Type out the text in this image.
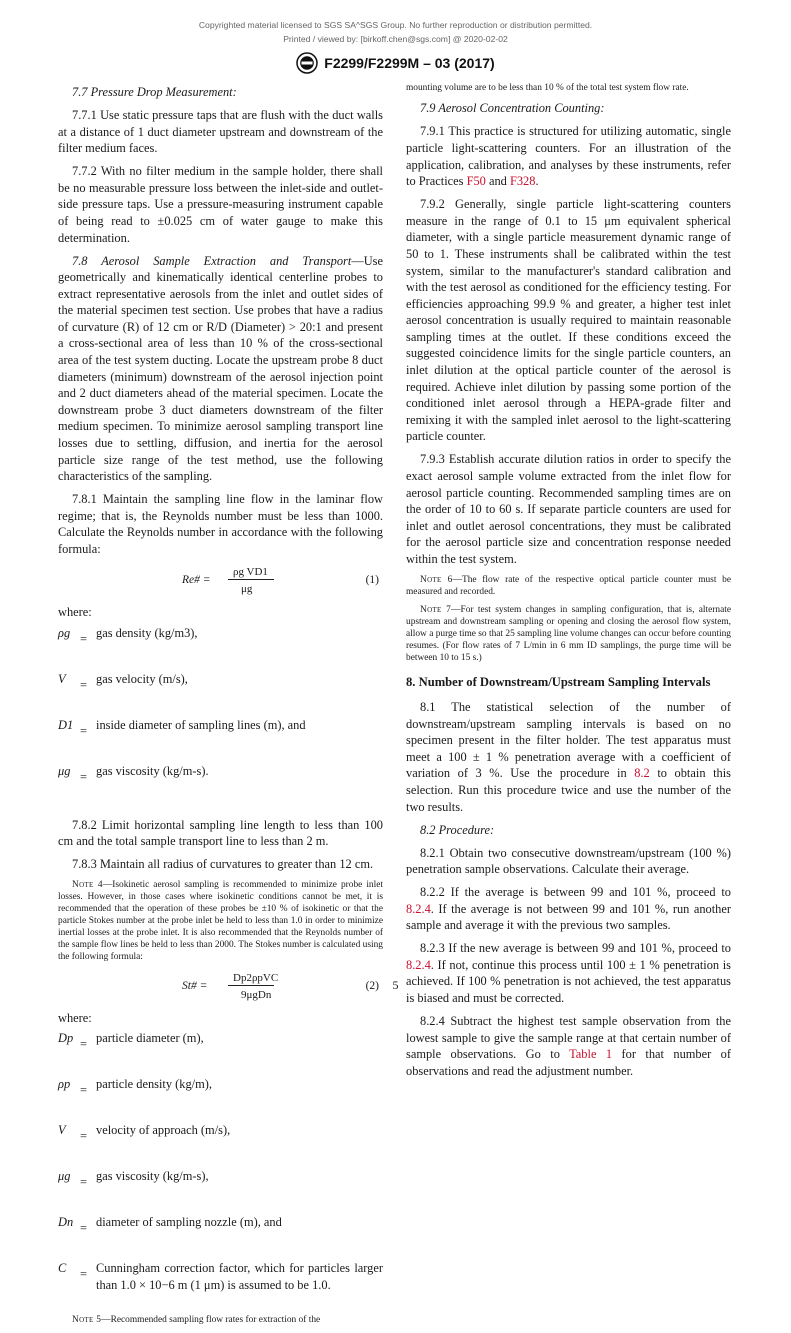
Copyrighted material licensed to SGS SA^SGS Group. No further reproduction or distribution permitted.
Printed / viewed by: [birkoff.chen@sgs.com] @ 2020-02-02
F2299/F2299M – 03 (2017)

7.7 Pressure Drop Measurement:

7.7.1 Use static pressure taps that are flush with the duct walls at a distance of 1 duct diameter upstream and downstream of the filter medium faces.

7.7.2 With no filter medium in the sample holder, there shall be no measurable pressure loss between the inlet-side and outlet-side pressure taps. Use a pressure-measuring instrument capable of being read to ±0.025 cm of water gauge to make this determination.

7.8 Aerosol Sample Extraction and Transport—Use geometrically and kinematically identical centerline probes to extract representative aerosols from the inlet and outlet sides of the material specimen test section. Use probes that have a radius of curvature (R) of 12 cm or R/D (Diameter) > 20:1 and present a cross-sectional area of less than 10 % of the cross-sectional area of the test system ducting. Locate the upstream probe 8 duct diameters (minimum) downstream of the aerosol injection point and 2 duct diameters ahead of the material specimen. Locate the downstream probe 3 duct diameters downstream of the filter medium specimen. To minimize aerosol sampling transport line losses due to settling, diffusion, and inertia for the aerosol particle size range of the test method, use the following characteristics of the sampling.

7.8.1 Maintain the sampling line flow in the laminar flow regime; that is, the Reynolds number must be less than 1000. Calculate the Reynolds number in accordance with the following formula:

Re# =
ρg VD1
μg
(1)
where:
ρg = gas density (kg/m3),
V	= gas velocity (m/s),
D1 = inside diameter of sampling lines (m), and
μg = gas viscosity (kg/m-s).

7.8.2 Limit horizontal sampling line length to less than 100 cm and the total sample transport line to less than 2 m.

7.8.3 Maintain all radius of curvatures to greater than 12 cm.

Note 4—Isokinetic aerosol sampling is recommended to minimize probe inlet losses. However, in those cases where isokinetic conditions cannot be met, it is recommended that the operation of these probes be ±10 % of isokinetic or that the particle Stokes number at the probe inlet be held to less than 1.0 in order to minimize inertial losses at the probe inlet. It is also recommended that the Reynolds number of the sample flow lines be held to less than 2000. The Stokes number is calculated using the following formula:

St# =
Dp2ρpVC
9μgDn
(2)
where:
Dp = particle diameter (m),
ρp = particle density (kg/m),
V	= velocity of approach (m/s),
μg = gas viscosity (kg/m-s),
Dn = diameter of sampling nozzle (m), and
C	= Cunningham correction factor, which for particles larger than 1.0 × 10−6 m (1 μm) is assumed to be 1.0.

Note 5—Recommended sampling flow rates for extraction of the

mounting volume are to be less than 10 % of the total test system flow rate.

7.9 Aerosol Concentration Counting:

7.9.1 This practice is structured for utilizing automatic, single particle light-scattering counters. For an illustration of the application, calibration, and analyses by these instruments, refer to Practices F50 and F328.

7.9.2 Generally, single particle light-scattering counters measure in the range of 0.1 to 15 μm equivalent spherical diameter, with a single particle measurement dynamic range of 50 to 1. These instruments shall be calibrated within the test system, similar to the manufacturer's standard calibration and with the test aerosol as conditioned for the efficiency testing. For efficiencies approaching 99.9 % and greater, a higher test inlet aerosol concentration is usually required to maintain reasonable sampling times at the outlet. If these conditions exceed the suggested coincidence limits for the single particle counters, an inlet dilution at the optical particle counter of the aerosol is required. Achieve inlet dilution by passing some portion of the conditioned inlet aerosol through a HEPA-grade filter and remixing it with the sampled inlet aerosol to the light-scattering particle counter.

7.9.3 Establish accurate dilution ratios in order to specify the exact aerosol sample volume extracted from the inlet flow for aerosol particle counting. Recommended sampling times are on the order of 10 to 60 s. If separate particle counters are used for inlet and outlet aerosol concentrations, they must be calibrated for the aerosol particle size and concentration response needed within the test system.

Note 6—The flow rate of the respective optical particle counter must be measured and recorded.

Note 7—For test system changes in sampling configuration, that is, alternate upstream and downstream sampling or opening and closing the aerosol flow system, allow a purge time so that 25 sampling line volume changes can occur before counting resumes. (For flow rates of 7 L/min in 6 mm ID samplings, the purge time will be between 10 to 15 s.)

8. Number of Downstream/Upstream Sampling Intervals

8.1 The statistical selection of the number of downstream/upstream sampling intervals is based on no specimen present in the filter holder. The test apparatus must meet a 100 ± 1 % penetration average with a coefficient of variation of 3 %. Use the procedure in 8.2 to obtain this selection. Run this procedure twice and use the number of the two results.

8.2 Procedure:

8.2.1 Obtain two consecutive downstream/upstream (100 %) penetration sample observations. Calculate their average.

8.2.2 If the average is between 99 and 101 %, proceed to 8.2.4. If the average is not between 99 and 101 %, run another sample and average it with the previous two samples.

8.2.3 If the new average is between 99 and 101 %, proceed to 8.2.4. If not, continue this process until 100 ± 1 % penetration is achieved. If 100 % penetration is not achieved, the test apparatus is biased and must be corrected.

8.2.4 Subtract the highest test sample observation from the lowest sample to give the sample range at that certain number of sample observations. Go to Table 1 for that number of observations and read the adjustment number.

5
